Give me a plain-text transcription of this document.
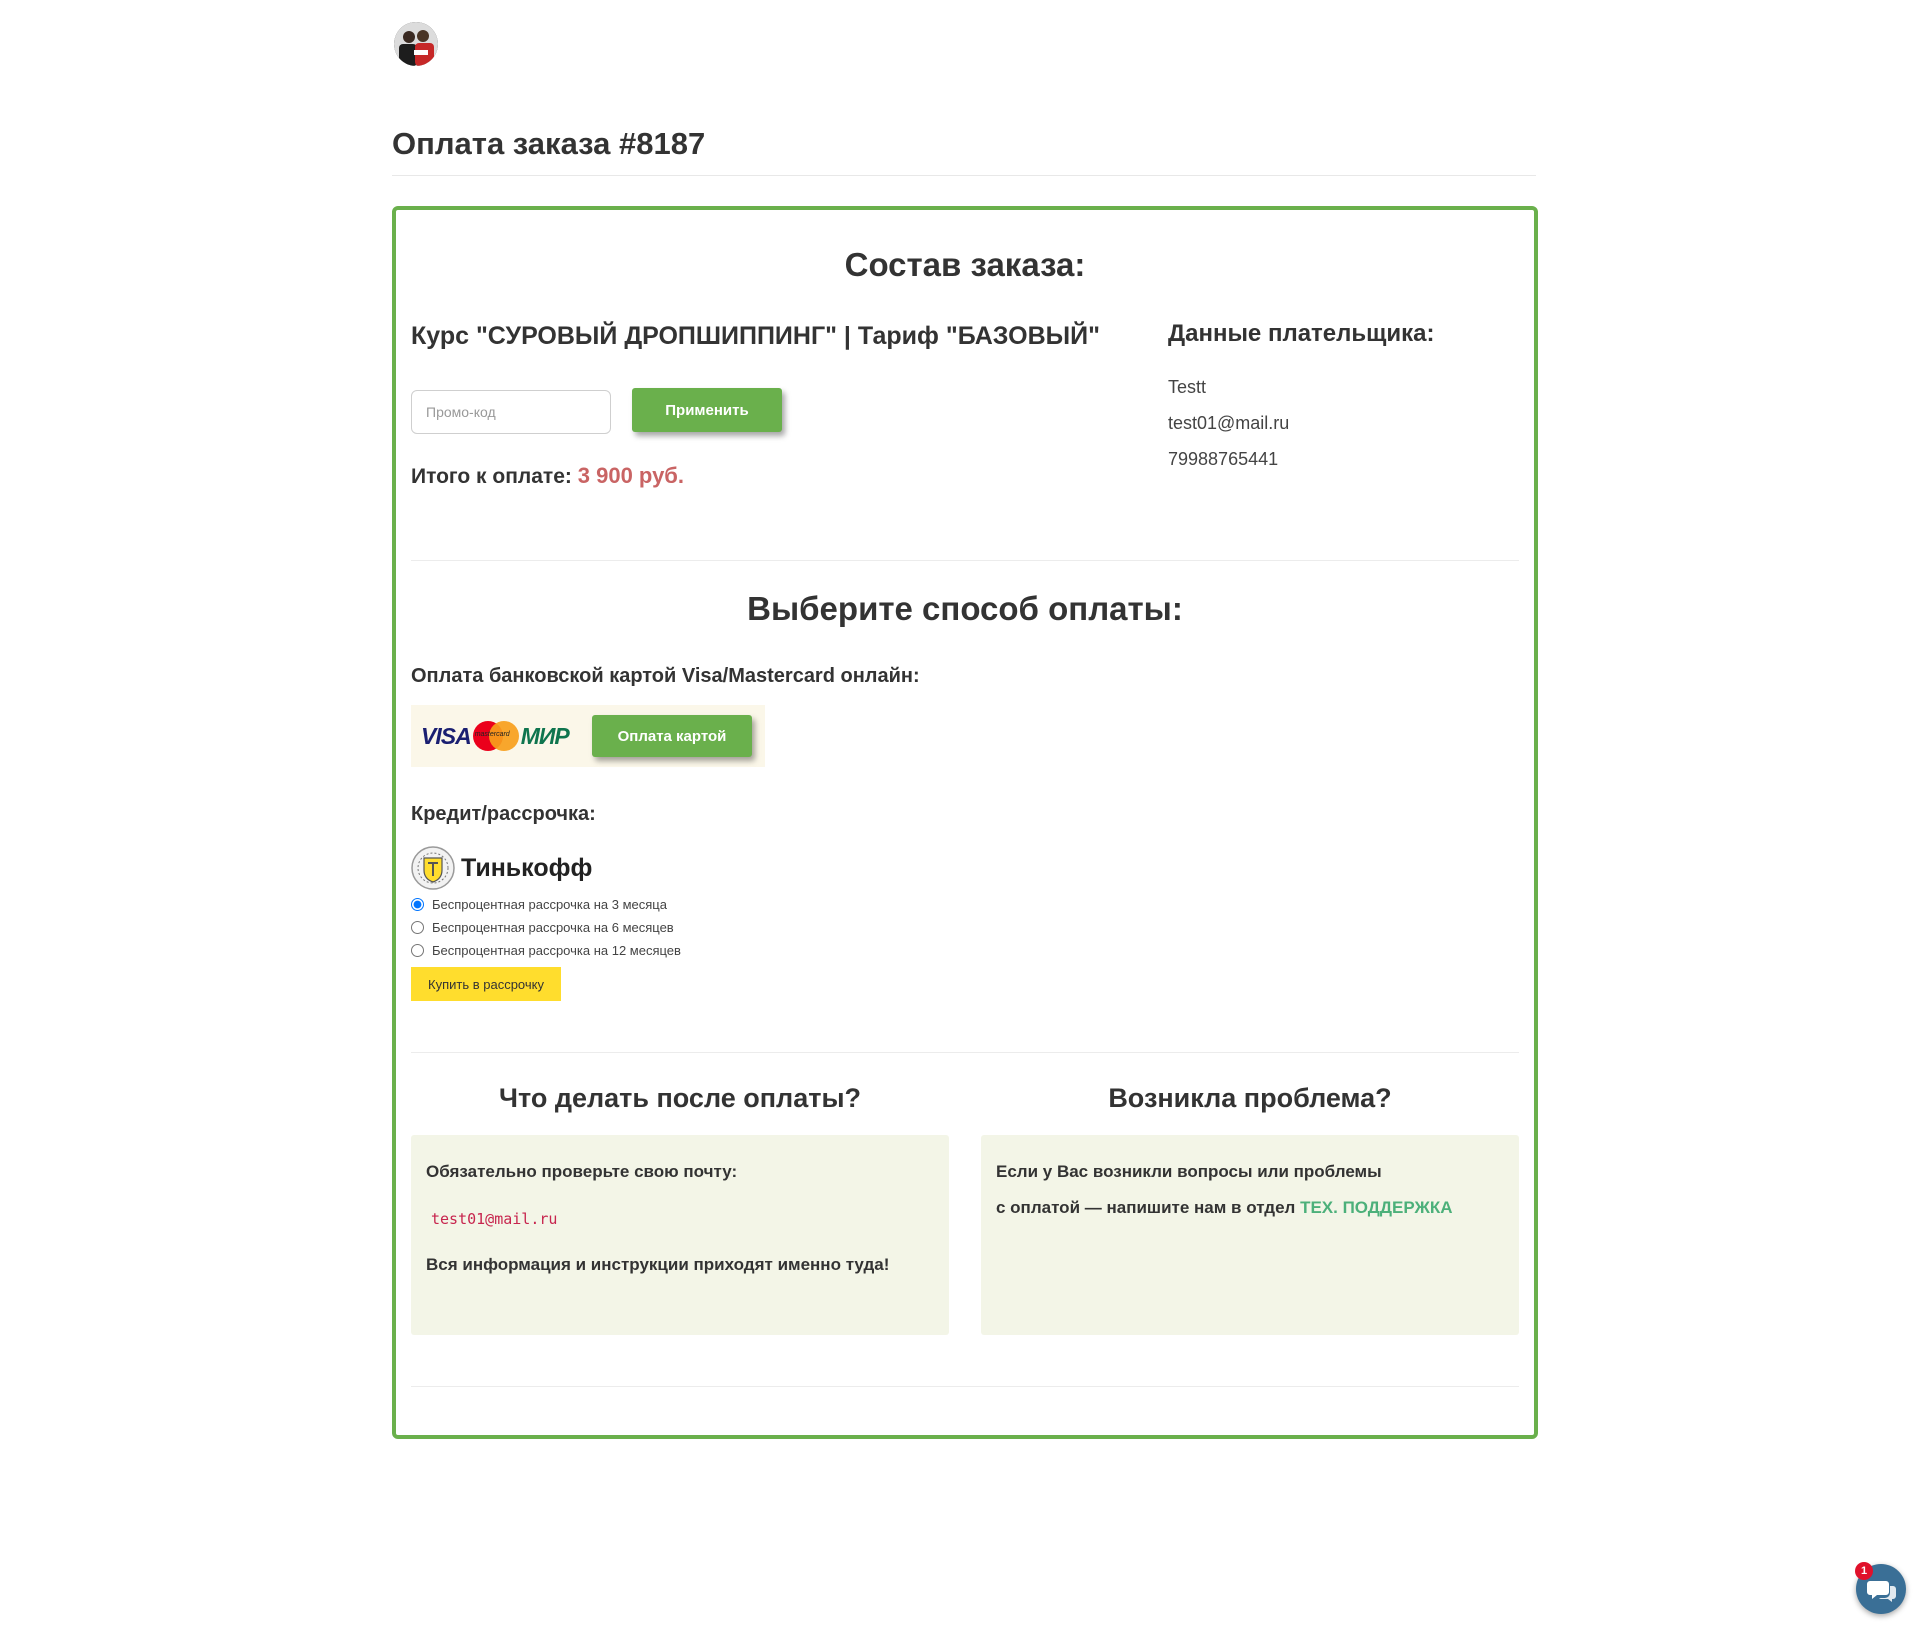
Оплата заказа #8187
Состав заказа:
Курс "СУРОВЫЙ ДРОПШИППИНГ" | Тариф "БАЗОВЫЙ"
Промо-код
Применить
Итого к оплате: 3 900 руб.
Данные плательщика:
Testt
test01@mail.ru
79988765441
Выберите способ оплаты:
Оплата банковской картой Visa/Mastercard онлайн:
VISA mastercard МИР	Оплата картой
Кредит/рассрочка:
Тинькофф
Беспроцентная рассрочка на 3 месяца
Беспроцентная рассрочка на 6 месяцев
Беспроцентная рассрочка на 12 месяцев
Купить в рассрочку
Что делать после оплаты?	Возникла проблема?
Обязательно проверьте свою почту:
test01@mail.ru
Вся информация и инструкции приходят именно туда!
Если у Вас возникли вопросы или проблемы
с оплатой — напишите нам в отдел ТЕХ. ПОДДЕРЖКА
1
